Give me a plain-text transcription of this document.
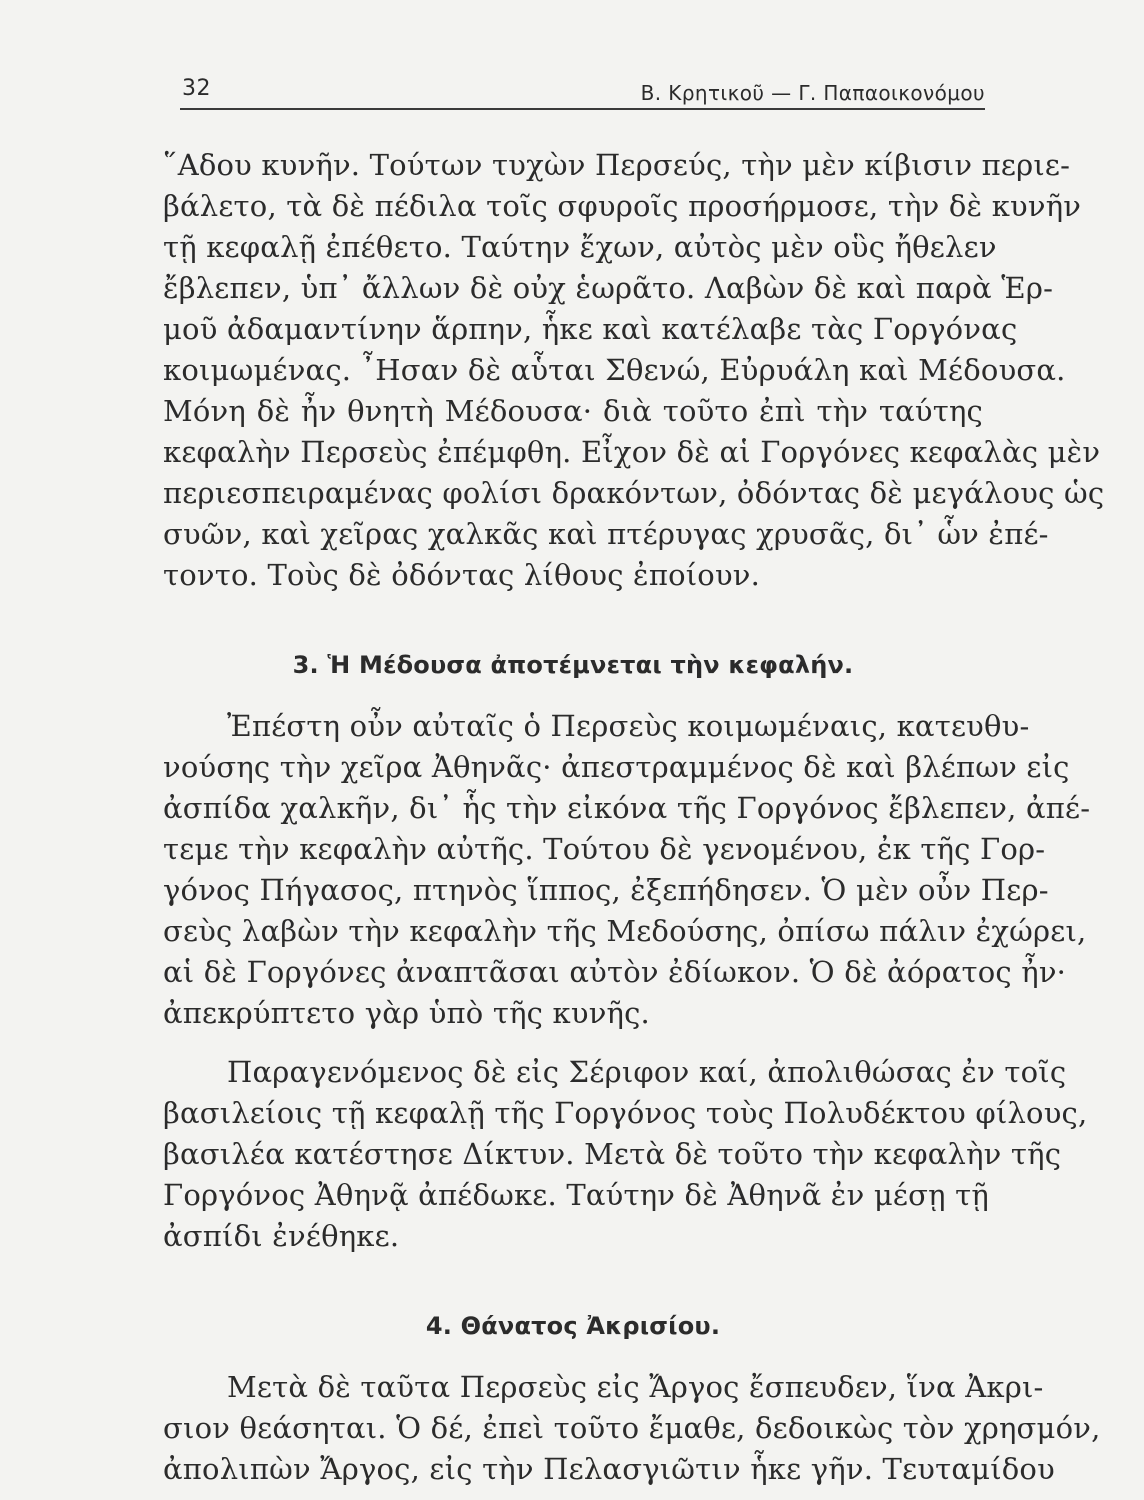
32	Β. Κρητικοῦ — Γ. Παπαοικονόμου
῞Αδου κυνῆν. Τούτων τυχὼν Περσεύς, τὴν μὲν κίβισιν περιε-
βάλετο, τὰ δὲ πέδιλα τοῖς σφυροῖς προσήρμοσε, τὴν δὲ κυνῆν
τῇ κεφαλῇ ἐπέθετο. Ταύτην ἔχων, αὐτὸς μὲν οὓς ἤθελεν
ἔβλεπεν, ὑπ᾽ ἄλλων δὲ οὐχ ἑωρᾶτο. Λαβὼν δὲ καὶ παρὰ Ἑρ-
μοῦ ἀδαμαντίνην ἅρπην, ἧκε καὶ κατέλαβε τὰς Γοργόνας
κοιμωμένας. ῏Ησαν δὲ αὗται Σθενώ, Εὐρυάλη καὶ Μέδουσα.
Μόνη δὲ ἦν θνητὴ Μέδουσα· διὰ τοῦτο ἐπὶ τὴν ταύτης
κεφαλὴν Περσεὺς ἐπέμφθη. Εἶχον δὲ αἱ Γοργόνες κεφαλὰς μὲν
περιεσπειραμένας φολίσι δρακόντων, ὀδόντας δὲ μεγάλους ὡς
συῶν, καὶ χεῖρας χαλκᾶς καὶ πτέρυγας χρυσᾶς, δι᾽ ὧν ἐπέ-
τοντο. Τοὺς δὲ ὀδόντας λίθους ἐποίουν.
3. Ἡ Μέδουσα ἀποτέμνεται τὴν κεφαλήν.
Ἐπέστη οὖν αὐταῖς ὁ Περσεὺς κοιμωμέναις, κατευθυ-
νούσης τὴν χεῖρα Ἀθηνᾶς· ἀπεστραμμένος δὲ καὶ βλέπων εἰς
ἀσπίδα χαλκῆν, δι᾽ ἧς τὴν εἰκόνα τῆς Γοργόνος ἔβλεπεν, ἀπέ-
τεμε τὴν κεφαλὴν αὐτῆς. Τούτου δὲ γενομένου, ἐκ τῆς Γορ-
γόνος Πήγασος, πτηνὸς ἵππος, ἐξεπήδησεν. Ὁ μὲν οὖν Περ-
σεὺς λαβὼν τὴν κεφαλὴν τῆς Μεδούσης, ὀπίσω πάλιν ἐχώρει,
αἱ δὲ Γοργόνες ἀναπτᾶσαι αὐτὸν ἐδίωκον. Ὁ δὲ ἀόρατος ἦν·
ἀπεκρύπτετο γὰρ ὑπὸ τῆς κυνῆς.
Παραγενόμενος δὲ εἰς Σέριφον καί, ἀπολιθώσας ἐν τοῖς
βασιλείοις τῇ κεφαλῇ τῆς Γοργόνος τοὺς Πολυδέκτου φίλους,
βασιλέα κατέστησε Δίκτυν. Μετὰ δὲ τοῦτο τὴν κεφαλὴν τῆς
Γοργόνος Ἀθηνᾷ ἀπέδωκε. Ταύτην δὲ Ἀθηνᾶ ἐν μέσῃ τῇ
ἀσπίδι ἐνέθηκε.
4. Θάνατος Ἀκρισίου.
Μετὰ δὲ ταῦτα Περσεὺς εἰς Ἄργος ἔσπευδεν, ἵνα Ἀκρι-
σιον θεάσηται. Ὁ δέ, ἐπεὶ τοῦτο ἔμαθε, δεδοικὼς τὸν χρησμόν,
ἀπολιπὼν Ἄργος, εἰς τὴν Πελασγιῶτιν ἧκε γῆν. Τευταμίδου
